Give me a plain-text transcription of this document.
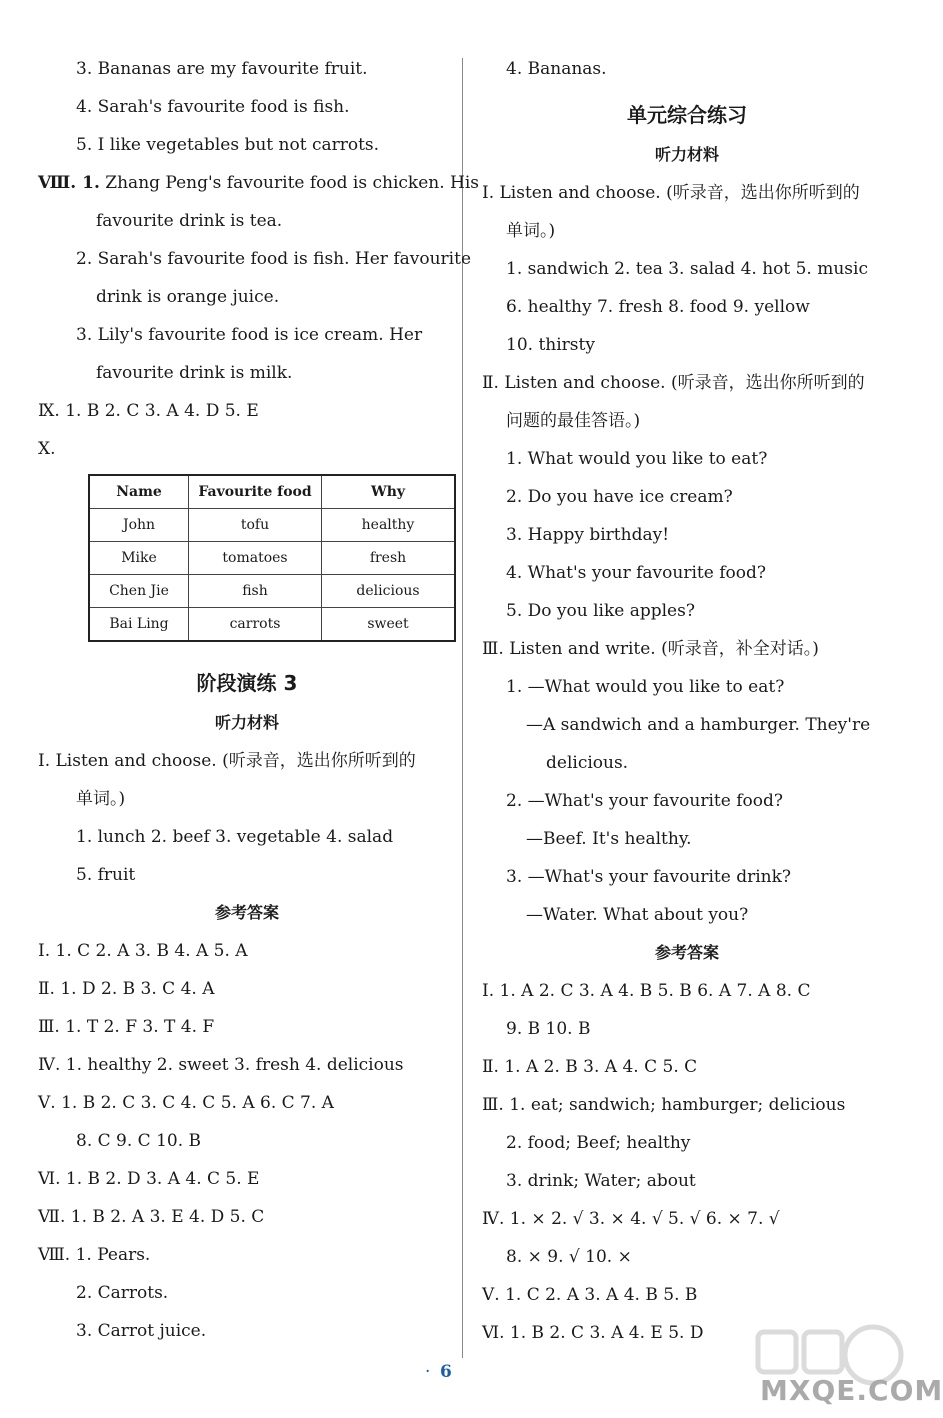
3. Bananas are my favourite fruit.
4. Sarah's favourite food is fish.
5. I like vegetables but not carrots.
Ⅷ. 1. Zhang Peng's favourite food is chicken. His
favourite drink is tea.
2. Sarah's favourite food is fish. Her favourite
drink is orange juice.
3. Lily's favourite food is ice cream. Her
favourite drink is milk.
Ⅸ. 1. B 2. C 3. A 4. D 5. E
Ⅹ.
Name	Favourite food	Why
John	tofu	healthy
Mike	tomatoes	fresh
Chen Jie	fish	delicious
Bai Ling	carrots	sweet
阶段演练 3
听力材料
Ⅰ. Listen and choose. (听录音，选出你所听到的
单词。)
1. lunch 2. beef 3. vegetable 4. salad
5. fruit
参考答案
Ⅰ. 1. C 2. A 3. B 4. A 5. A
Ⅱ. 1. D 2. B 3. C 4. A
Ⅲ. 1. T 2. F 3. T 4. F
Ⅳ. 1. healthy 2. sweet 3. fresh 4. delicious
Ⅴ. 1. B 2. C 3. C 4. C 5. A 6. C 7. A
8. C 9. C 10. B
Ⅵ. 1. B 2. D 3. A 4. C 5. E
Ⅶ. 1. B 2. A 3. E 4. D 5. C
Ⅷ. 1. Pears.
2. Carrots.
3. Carrot juice.
4. Bananas.
单元综合练习
听力材料
Ⅰ. Listen and choose. (听录音，选出你所听到的
单词。)
1. sandwich 2. tea 3. salad 4. hot 5. music
6. healthy 7. fresh 8. food 9. yellow
10. thirsty
Ⅱ. Listen and choose. (听录音，选出你所听到的
问题的最佳答语。)
1. What would you like to eat?
2. Do you have ice cream?
3. Happy birthday!
4. What's your favourite food?
5. Do you like apples?
Ⅲ. Listen and write. (听录音，补全对话。)
1. —What would you like to eat?
—A sandwich and a hamburger. They're
delicious.
2. —What's your favourite food?
—Beef. It's healthy.
3. —What's your favourite drink?
—Water. What about you?
参考答案
Ⅰ. 1. A 2. C 3. A 4. B 5. B 6. A 7. A 8. C
9. B 10. B
Ⅱ. 1. A 2. B 3. A 4. C 5. C
Ⅲ. 1. eat; sandwich; hamburger; delicious
2. food; Beef; healthy
3. drink; Water; about
Ⅳ. 1. × 2. √ 3. × 4. √ 5. √ 6. × 7. √
8. × 9. √ 10. ×
Ⅴ. 1. C 2. A 3. A 4. B 5. B
Ⅵ. 1. B 2. C 3. A 4. E 5. D
· 6
MXQE.COM
